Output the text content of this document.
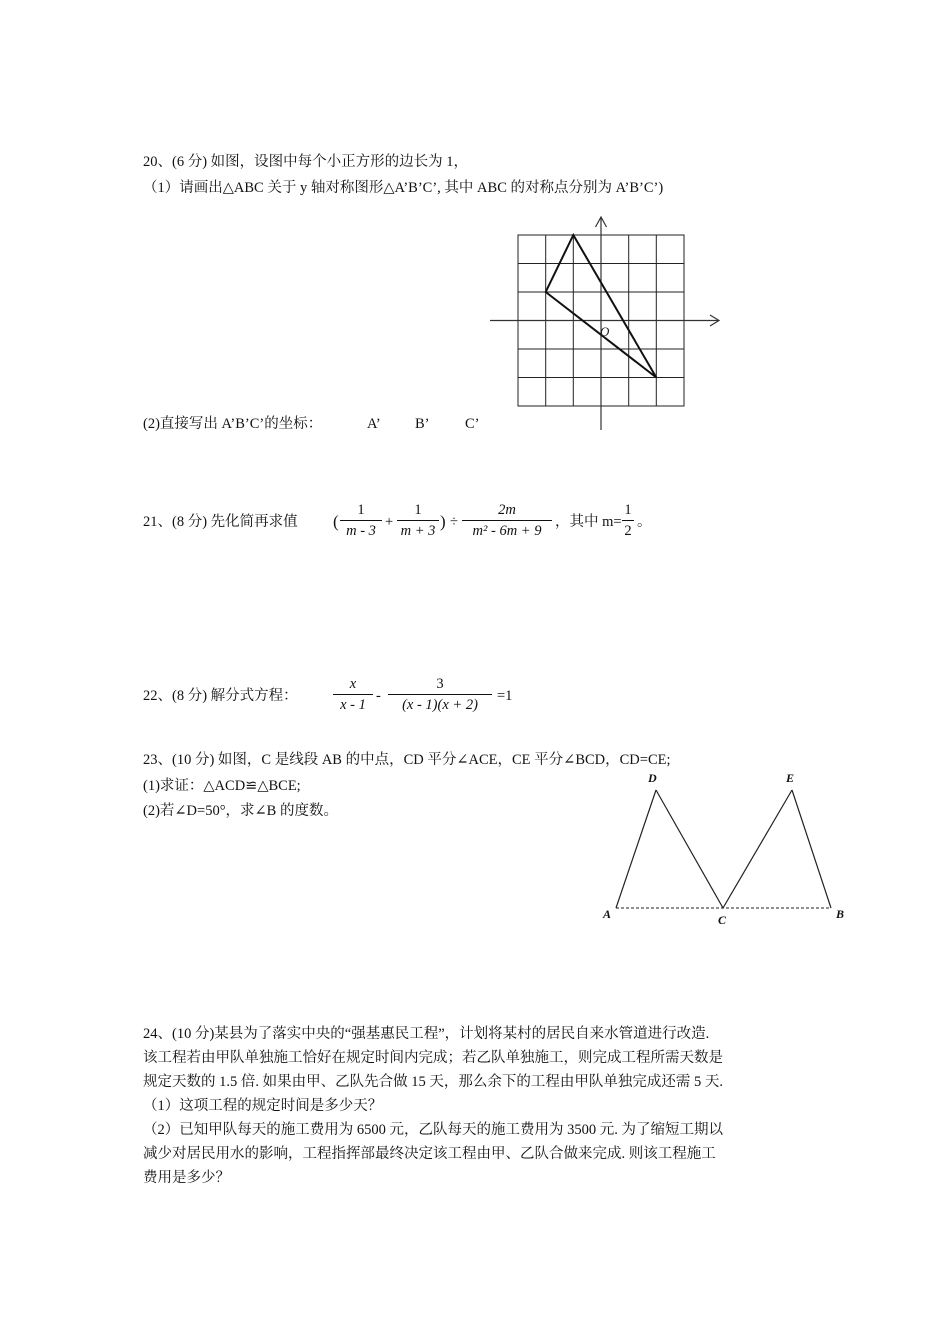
20、(6 分) 如图，设图中每个小正方形的边长为 1，
（1）请画出△ABC 关于 y 轴对称图形△A’B’C’, 其中 ABC 的对称点分别为 A’B’C’)
O
(2)直接写出 A’B’C’的坐标：	A’ B’ C’
21、(8 分) 先化简再求值 (
1
m - 3
+
1
m + 3 ) ÷
2m
m² - 6m + 9
，其中 m=
1
2
。
22、(8 分) 解分式方程：
x
x - 1
-
3
(x - 1)(x + 2)
=1
23、(10 分) 如图，C 是线段 AB 的中点，CD 平分∠ACE，CE 平分∠BCD，CD=CE;
(1)求证：△ACD≌△BCE;
(2)若∠D=50°，求∠B 的度数。
A	B
C
D	E
24、(10 分)某县为了落实中央的“强基惠民工程”，计划将某村的居民自来水管道进行改造.
该工程若由甲队单独施工恰好在规定时间内完成；若乙队单独施工，则完成工程所需天数是
规定天数的 1.5 倍. 如果由甲、乙队先合做 15 天，那么余下的工程由甲队单独完成还需 5 天.
（1）这项工程的规定时间是多少天？
（2）已知甲队每天的施工费用为 6500 元，乙队每天的施工费用为 3500 元. 为了缩短工期以
减少对居民用水的影响，工程指挥部最终决定该工程由甲、乙队合做来完成. 则该工程施工
费用是多少？
